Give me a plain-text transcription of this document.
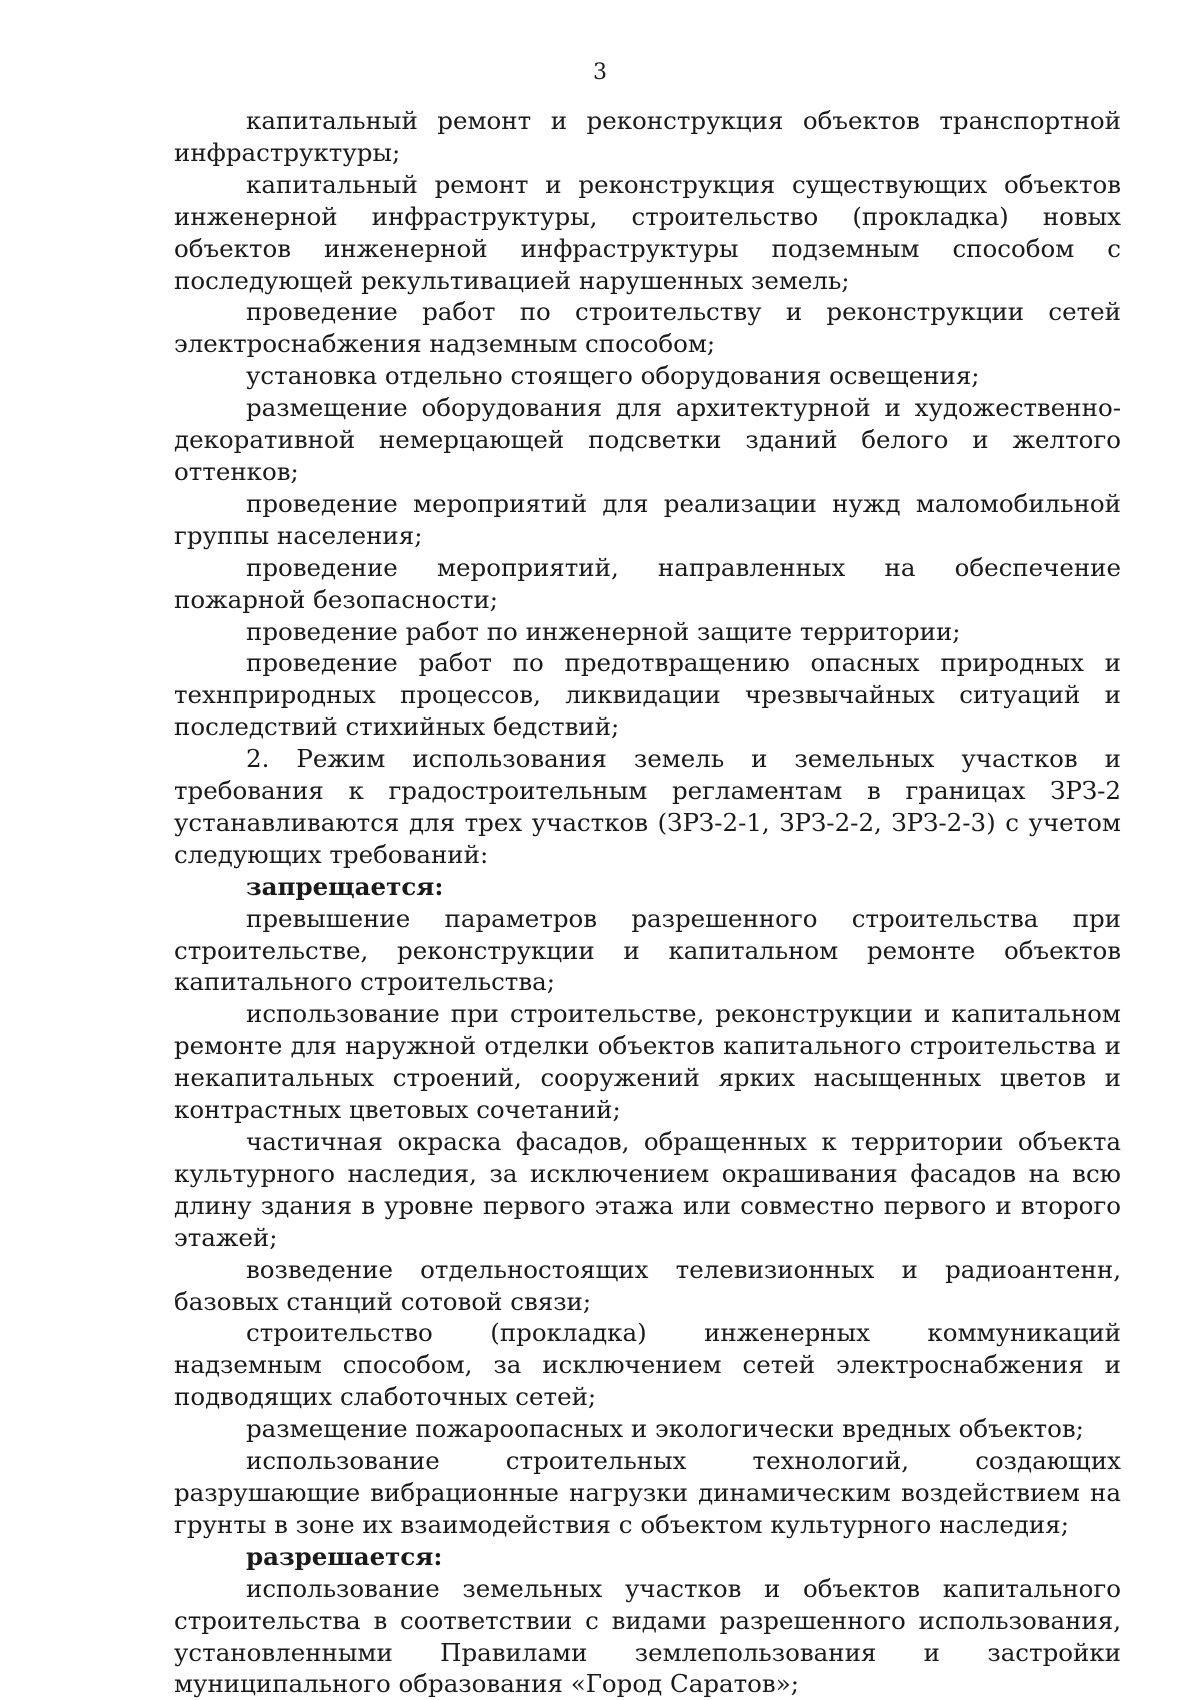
3

капитальный ремонт и реконструкция объектов транспортной инфраструктуры;

капитальный ремонт и реконструкция существующих объектов инженерной инфраструктуры, строительство (прокладка) новых объектов инженерной инфраструктуры подземным способом с последующей рекультивацией нарушенных земель;

проведение работ по строительству и реконструкции сетей электроснабжения надземным способом;

установка отдельно стоящего оборудования освещения;

размещение оборудования для архитектурной и художественно-декоративной немерцающей подсветки зданий белого и желтого оттенков;

проведение мероприятий для реализации нужд маломобильной группы населения;

проведение мероприятий, направленных на обеспечение пожарной безопасности;

проведение работ по инженерной защите территории;

проведение работ по предотвращению опасных природных и технприродных процессов, ликвидации чрезвычайных ситуаций и последствий стихийных бедствий;

2. Режим использования земель и земельных участков и требования к градостроительным регламентам в границах ЗРЗ-2 устанавливаются для трех участков (ЗРЗ-2-1, ЗРЗ-2-2, ЗРЗ-2-3) с учетом следующих требований:

запрещается:

превышение параметров разрешенного строительства при строительстве, реконструкции и капитальном ремонте объектов капитального строительства;

использование при строительстве, реконструкции и капитальном ремонте для наружной отделки объектов капитального строительства и некапитальных строений, сооружений ярких насыщенных цветов и контрастных цветовых сочетаний;

частичная окраска фасадов, обращенных к территории объекта культурного наследия, за исключением окрашивания фасадов на всю длину здания в уровне первого этажа или совместно первого и второго этажей;

возведение отдельностоящих телевизионных и радиоантенн, базовых станций сотовой связи;

строительство (прокладка) инженерных коммуникаций надземным способом, за исключением сетей электроснабжения и подводящих слаботочных сетей;

размещение пожароопасных и экологически вредных объектов;

использование строительных технологий, создающих разрушающие вибрационные нагрузки динамическим воздействием на грунты в зоне их взаимодействия с объектом культурного наследия;

разрешается:

использование земельных участков и объектов капитального строительства в соответствии с видами разрешенного использования, установленными Правилами землепользования и застройки муниципального образования «Город Саратов»;
